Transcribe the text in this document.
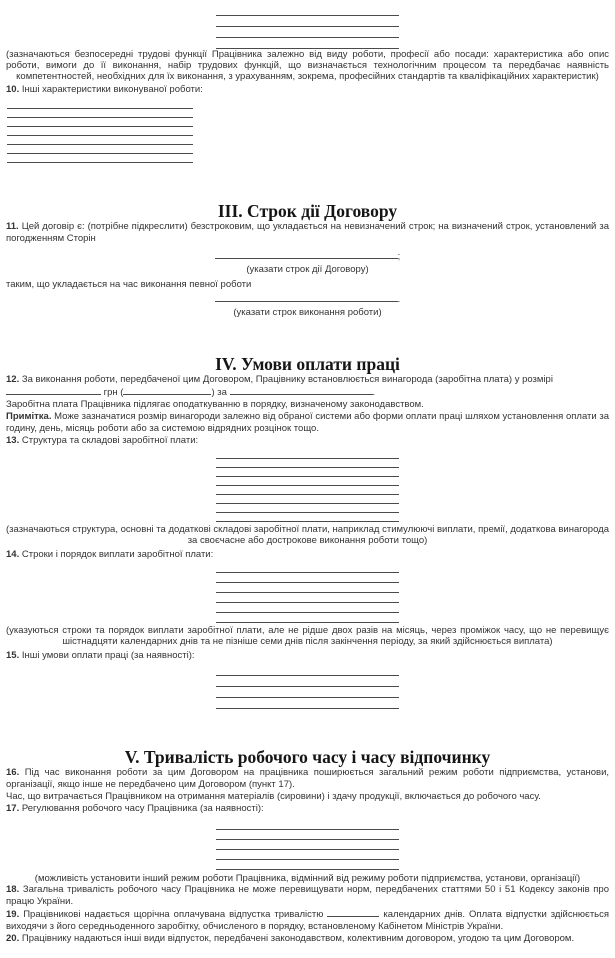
(зазначаються безпосередні трудові функції Працівника залежно від виду роботи, професії або посади: характеристика або опис роботи, вимоги до її виконання, набір трудових функцій, що визначається технологічним процесом та передбачає наявність компетентностей, необхідних для їх виконання, з урахуванням, зокрема, професійних стандартів та кваліфікаційних характеристик)

10. Інші характеристики виконуваної роботи:

III. Строк дії Договору

11. Цей договір є: (потрібне підкреслити) безстроковим, що укладається на невизначений строк; на визначений строк, установлений за погодженням Сторін

;

(указати строк дії Договору)

таким, що укладається на час виконання певної роботи

.

(указати строк виконання роботи)

IV. Умови оплати праці

12. За виконання роботи, передбаченої цим Договором, Працівнику встановлюється винагорода (заробітна плата) у розмірі

грн (	) за	.

Заробітна плата Працівника підлягає оподаткуванню в порядку, визначеному законодавством.

Примітка. Може зазначатися розмір винагороди залежно від обраної системи або форми оплати праці шляхом установлення оплати за годину, день, місяць роботи або за системою відрядних розцінок тощо.

13. Структура та складові заробітної плати:

(зазначаються структура, основні та додаткові складові заробітної плати, наприклад стимулюючі виплати, премії, додаткова винагорода за своєчасне або дострокове виконання роботи тощо)

14. Строки і порядок виплати заробітної плати:

(указуються строки та порядок виплати заробітної плати, але не рідше двох разів на місяць, через проміжок часу, що не перевищує шістнадцяти календарних днів та не пізніше семи днів після закінчення періоду, за який здійснюється виплата)

15. Інші умови оплати праці (за наявності):

V. Тривалість робочого часу і часу відпочинку

16. Під час виконання роботи за цим Договором на працівника поширюється загальний режим роботи підприємства, установи, організації, якщо інше не передбачено цим Договором (пункт 17).

Час, що витрачається Працівником на отримання матеріалів (сировини) і здачу продукції, включається до робочого часу.

17. Регулювання робочого часу Працівника (за наявності):

(можливість установити інший режим роботи Працівника, відмінний від режиму роботи підприємства, установи, організації)

18. Загальна тривалість робочого часу Працівника не може перевищувати норм, передбачених статтями 50 і 51 Кодексу законів про працю України.

19. Працівникові надається щорічна оплачувана відпустка тривалістю	календарних днів. Оплата відпустки здійснюється виходячи з його середньоденного заробітку, обчисленого в порядку, встановленому Кабінетом Міністрів України.

20. Працівнику надаються інші види відпусток, передбачені законодавством, колективним договором, угодою та цим Договором.
